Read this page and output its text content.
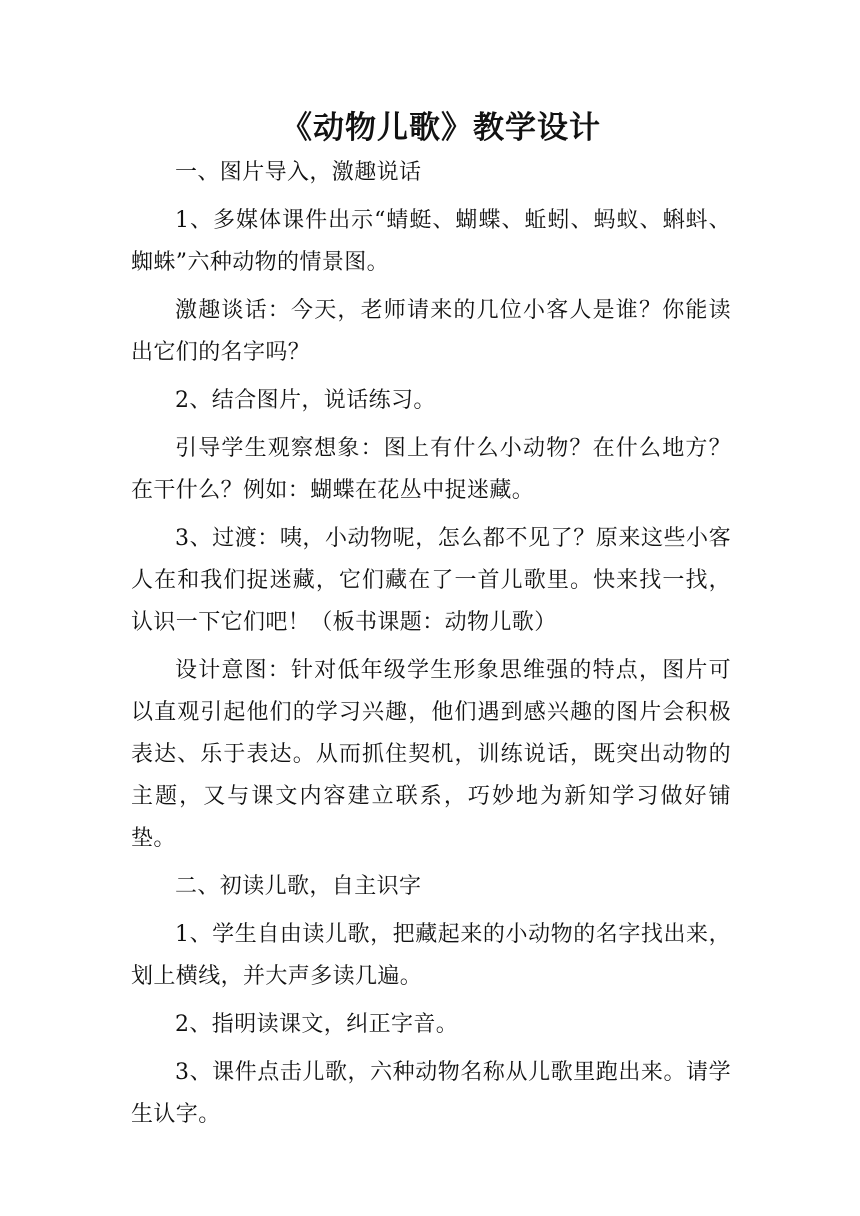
《动物儿歌》教学设计

一、图片导入，激趣说话

1、多媒体课件出示“蜻蜓、蝴蝶、蚯蚓、蚂蚁、蝌蚪、蜘蛛”六种动物的情景图。

激趣谈话：今天，老师请来的几位小客人是谁？你能读出它们的名字吗？

2、结合图片，说话练习。

引导学生观察想象：图上有什么小动物？在什么地方？在干什么？例如：蝴蝶在花丛中捉迷藏。

3、过渡：咦，小动物呢，怎么都不见了？原来这些小客人在和我们捉迷藏，它们藏在了一首儿歌里。快来找一找，认识一下它们吧！（板书课题：动物儿歌）

设计意图：针对低年级学生形象思维强的特点，图片可以直观引起他们的学习兴趣，他们遇到感兴趣的图片会积极表达、乐于表达。从而抓住契机，训练说话，既突出动物的主题，又与课文内容建立联系，巧妙地为新知学习做好铺垫。

二、初读儿歌，自主识字

1、学生自由读儿歌，把藏起来的小动物的名字找出来，划上横线，并大声多读几遍。

2、指明读课文，纠正字音。

3、课件点击儿歌，六种动物名称从儿歌里跑出来。请学生认字。
